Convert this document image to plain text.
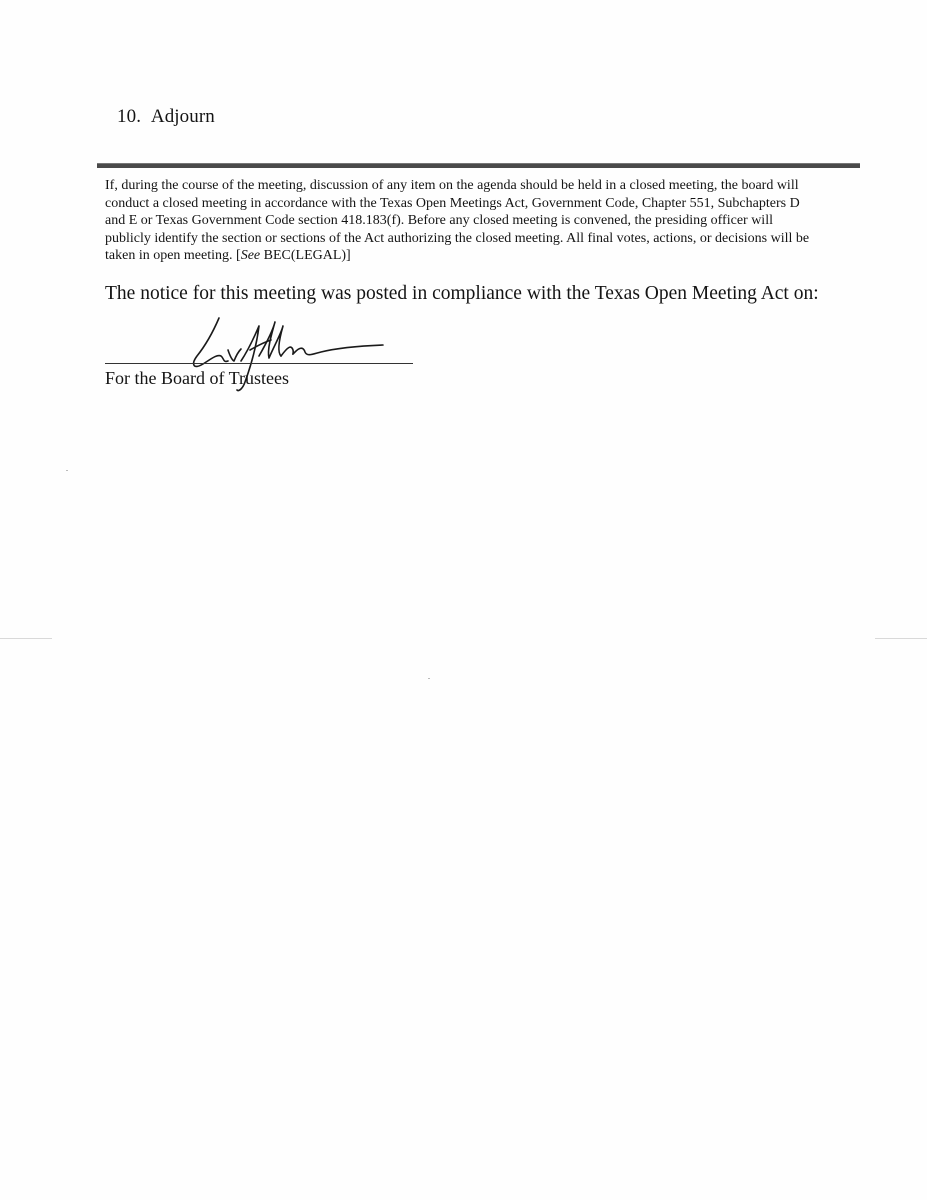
10. Adjourn
If, during the course of the meeting, discussion of any item on the agenda should be held in a closed meeting, the board will conduct a closed meeting in accordance with the Texas Open Meetings Act, Government Code, Chapter 551, Subchapters D and E or Texas Government Code section 418.183(f). Before any closed meeting is convened, the presiding officer will publicly identify the section or sections of the Act authorizing the closed meeting. All final votes, actions, or decisions will be taken in open meeting. [See BEC(LEGAL)]
The notice for this meeting was posted in compliance with the Texas Open Meeting Act on:
For the Board of Trustees
